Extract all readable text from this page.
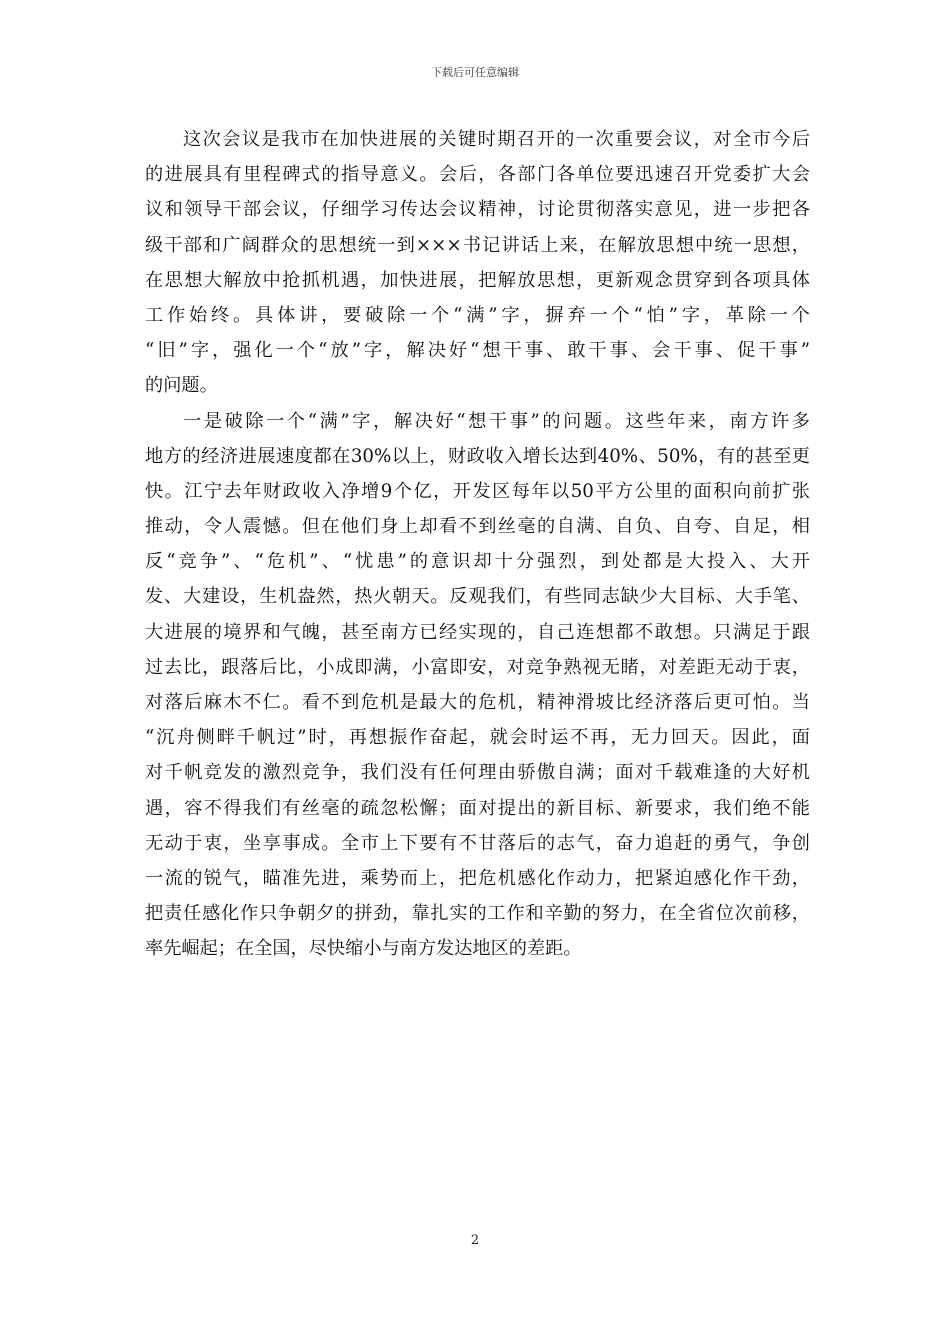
下载后可任意编辑
这次会议是我市在加快进展的关键时期召开的一次重要会议，对全市今后
的进展具有里程碑式的指导意义。会后，各部门各单位要迅速召开党委扩大会
议和领导干部会议，仔细学习传达会议精神，讨论贯彻落实意见，进一步把各
级干部和广阔群众的思想统一到×××书记讲话上来，在解放思想中统一思想，
在思想大解放中抢抓机遇，加快进展，把解放思想，更新观念贯穿到各项具体
工作始终。具体讲，要破除一个“满”字，摒弃一个“怕”字，革除一个
“旧”字，强化一个“放”字，解决好“想干事、敢干事、会干事、促干事”
的问题。
一是破除一个“满”字，解决好“想干事”的问题。这些年来，南方许多
地方的经济进展速度都在30%以上，财政收入增长达到40%、50%，有的甚至更
快。江宁去年财政收入净增9个亿，开发区每年以50平方公里的面积向前扩张
推动，令人震憾。但在他们身上却看不到丝毫的自满、自负、自夸、自足，相
反“竞争”、“危机”、“忧患”的意识却十分强烈，到处都是大投入、大开
发、大建设，生机盎然，热火朝天。反观我们，有些同志缺少大目标、大手笔、
大进展的境界和气魄，甚至南方已经实现的，自己连想都不敢想。只满足于跟
过去比，跟落后比，小成即满，小富即安，对竞争熟视无睹，对差距无动于衷，
对落后麻木不仁。看不到危机是最大的危机，精神滑坡比经济落后更可怕。当
“沉舟侧畔千帆过”时，再想振作奋起，就会时运不再，无力回天。因此，面
对千帆竞发的激烈竞争，我们没有任何理由骄傲自满；面对千载难逢的大好机
遇，容不得我们有丝毫的疏忽松懈；面对提出的新目标、新要求，我们绝不能
无动于衷，坐享事成。全市上下要有不甘落后的志气，奋力追赶的勇气，争创
一流的锐气，瞄准先进，乘势而上，把危机感化作动力，把紧迫感化作干劲，
把责任感化作只争朝夕的拼劲，靠扎实的工作和辛勤的努力，在全省位次前移，
率先崛起；在全国，尽快缩小与南方发达地区的差距。
2
